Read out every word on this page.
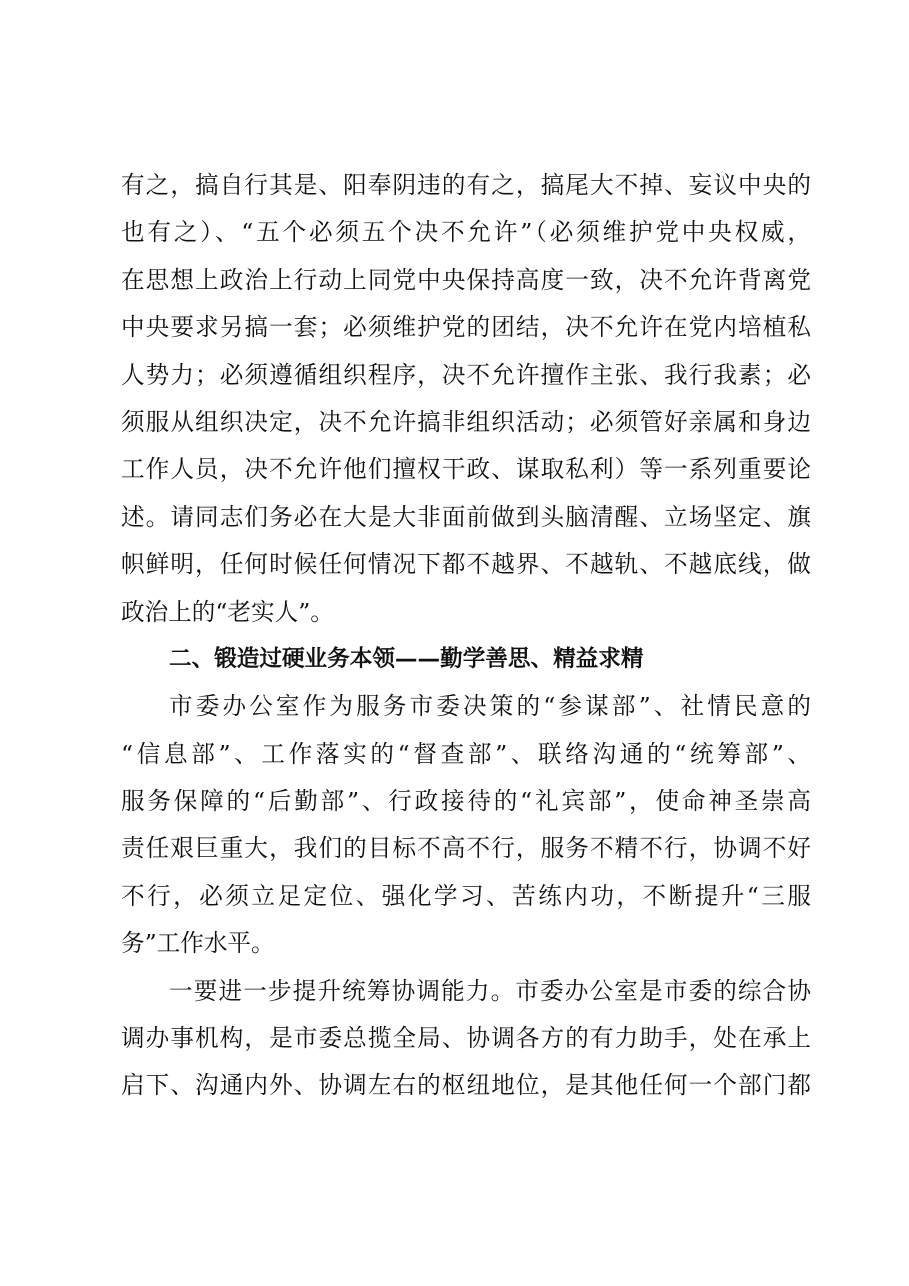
有之，搞自行其是、阳奉阴违的有之，搞尾大不掉、妄议中央的
也有之）、“五个必须五个决不允许”（必须维护党中央权威，
在思想上政治上行动上同党中央保持高度一致，决不允许背离党
中央要求另搞一套；必须维护党的团结，决不允许在党内培植私
人势力；必须遵循组织程序，决不允许擅作主张、我行我素；必
须服从组织决定，决不允许搞非组织活动；必须管好亲属和身边
工作人员，决不允许他们擅权干政、谋取私利）等一系列重要论
述。请同志们务必在大是大非面前做到头脑清醒、立场坚定、旗
帜鲜明，任何时候任何情况下都不越界、不越轨、不越底线，做
政治上的“老实人”。
二、锻造过硬业务本领——勤学善思、精益求精
市委办公室作为服务市委决策的“参谋部”、社情民意的
“信息部”、工作落实的“督查部”、联络沟通的“统筹部”、
服务保障的“后勤部”、行政接待的“礼宾部”，使命神圣崇高
责任艰巨重大，我们的目标不高不行，服务不精不行，协调不好
不行，必须立足定位、强化学习、苦练内功，不断提升“三服
务”工作水平。
一要进一步提升统筹协调能力。市委办公室是市委的综合协
调办事机构，是市委总揽全局、协调各方的有力助手，处在承上
启下、沟通内外、协调左右的枢纽地位，是其他任何一个部门都
